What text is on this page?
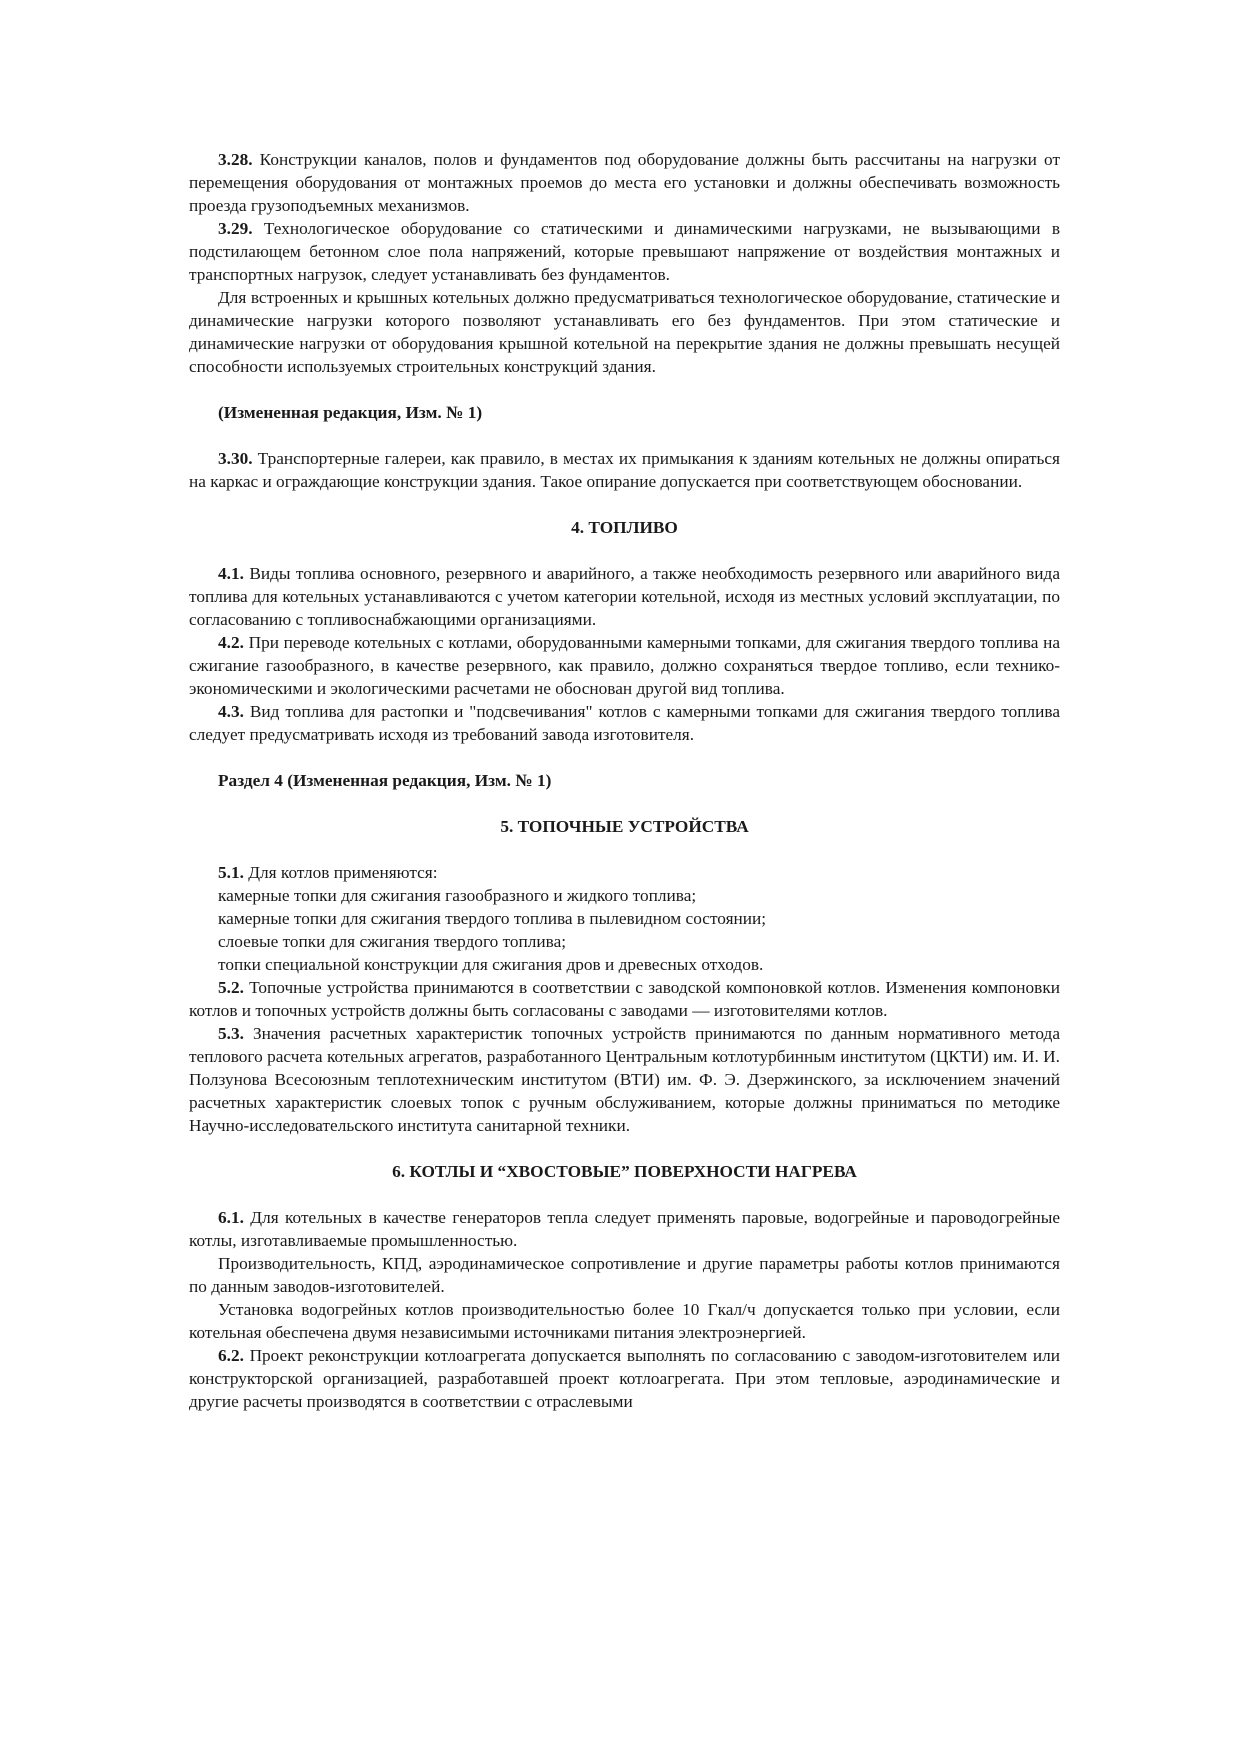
3.28. Конструкции каналов, полов и фундаментов под оборудование должны быть рассчитаны на нагрузки от перемещения оборудования от монтажных проемов до места его установки и должны обеспечивать возможность проезда грузоподъемных механизмов.

3.29. Технологическое оборудование со статическими и динамическими нагрузками, не вызывающими в подстилающем бетонном слое пола напряжений, которые превышают напряжение от воздействия монтажных и транспортных нагрузок, следует устанавливать без фундаментов.

Для встроенных и крышных котельных должно предусматриваться технологическое оборудование, статические и динамические нагрузки которого позволяют устанавливать его без фундаментов. При этом статические и динамические нагрузки от оборудования крышной котельной на перекрытие здания не должны превышать несущей способности используемых строительных конструкций здания.

(Измененная редакция, Изм. № 1)

3.30. Транспортерные галереи, как правило, в местах их примыкания к зданиям котельных не должны опираться на каркас и ограждающие конструкции здания. Такое опирание допускается при соответствующем обосновании.

4. ТОПЛИВО

4.1. Виды топлива основного, резервного и аварийного, а также необходимость резервного или аварийного вида топлива для котельных устанавливаются с учетом категории котельной, исходя из местных условий эксплуатации, по согласованию с топливоснабжающими организациями.

4.2. При переводе котельных с котлами, оборудованными камерными топками, для сжигания твердого топлива на сжигание газообразного, в качестве резервного, как правило, должно сохраняться твердое топливо, если технико-экономическими и экологическими расчетами не обоснован другой вид топлива.

4.3. Вид топлива для растопки и "подсвечивания" котлов с камерными топками для сжигания твердого топлива следует предусматривать исходя из требований завода изготовителя.

Раздел 4 (Измененная редакция, Изм. № 1)

5. ТОПОЧНЫЕ УСТРОЙСТВА

5.1. Для котлов применяются:

камерные топки для сжигания газообразного и жидкого топлива;

камерные топки для сжигания твердого топлива в пылевидном состоянии;

слоевые топки для сжигания твердого топлива;

топки специальной конструкции для сжигания дров и древесных отходов.

5.2. Топочные устройства принимаются в соответствии с заводской компоновкой котлов. Изменения компоновки котлов и топочных устройств должны быть согласованы с заводами — изготовителями котлов.

5.3. Значения расчетных характеристик топочных устройств принимаются по данным нормативного метода теплового расчета котельных агрегатов, разработанного Центральным котлотурбинным институтом (ЦКТИ) им. И. И. Ползунова Всесоюзным теплотехническим институтом (ВТИ) им. Ф. Э. Дзержинского, за исключением значений расчетных характеристик слоевых топок с ручным обслуживанием, которые должны приниматься по методике Научно-исследовательского института санитарной техники.

6. КОТЛЫ И “ХВОСТОВЫЕ” ПОВЕРХНОСТИ НАГРЕВА

6.1. Для котельных в качестве генераторов тепла следует применять паровые, водогрейные и пароводогрейные котлы, изготавливаемые промышленностью.

Производительность, КПД, аэродинамическое сопротивление и другие параметры работы котлов принимаются по данным заводов-изготовителей.

Установка водогрейных котлов производительностью более 10 Гкал/ч допускается только при условии, если котельная обеспечена двумя независимыми источниками питания электроэнергией.

6.2. Проект реконструкции котлоагрегата допускается выполнять по согласованию с заводом-изготовителем или конструкторской организацией, разработавшей проект котлоагрегата. При этом тепловые, аэродинамические и другие расчеты производятся в соответствии с отраслевыми
